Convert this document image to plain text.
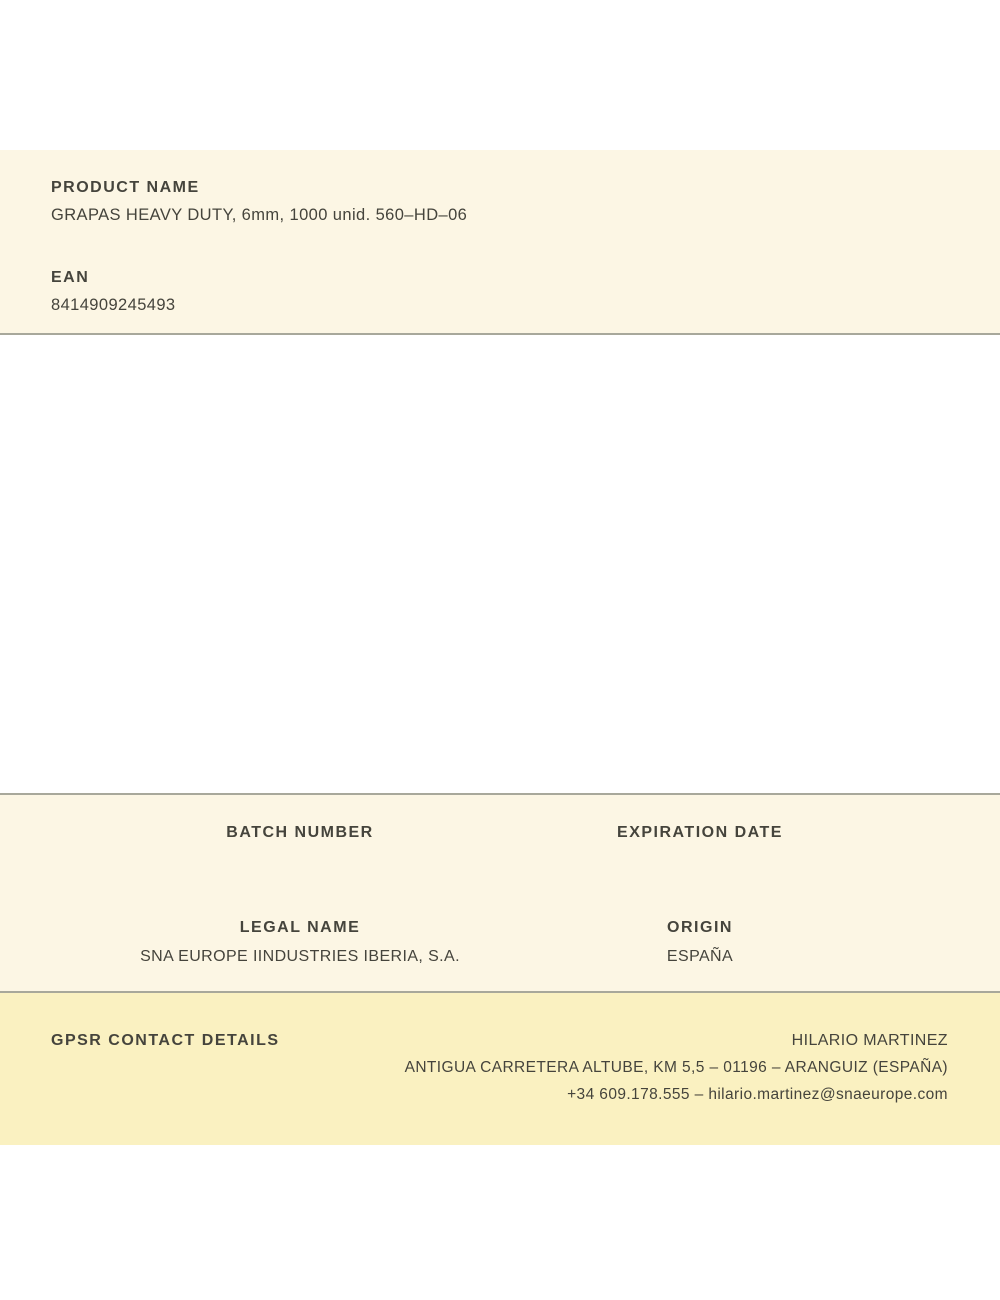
PRODUCT NAME
GRAPAS HEAVY DUTY, 6mm, 1000 unid. 560–HD–06
EAN
8414909245493
BATCH NUMBER	EXPIRATION DATE
LEGAL NAME
SNA EUROPE IINDUSTRIES IBERIA, S.A.
ORIGIN
ESPAÑA
GPSR CONTACT DETAILS	HILARIO MARTINEZ
ANTIGUA CARRETERA ALTUBE, KM 5,5 – 01196 – ARANGUIZ (ESPAÑA)
+34 609.178.555 – hilario.martinez@snaeurope.com
